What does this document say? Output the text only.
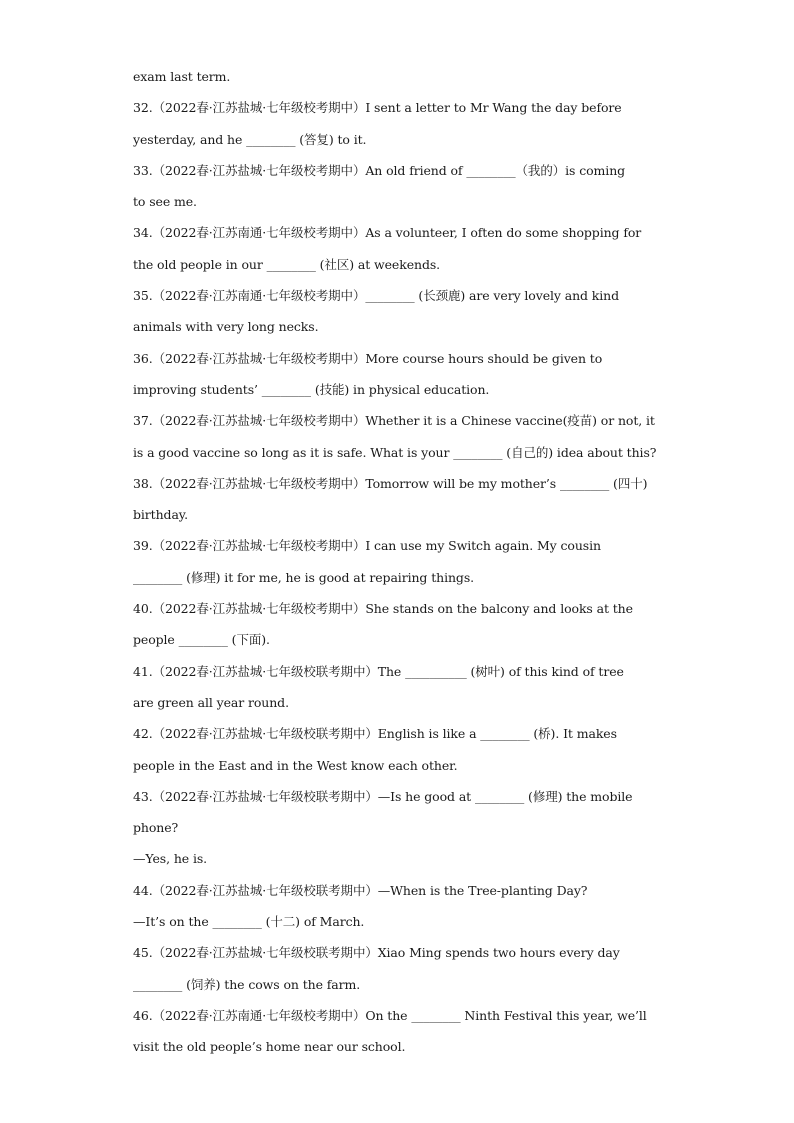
exam last term.
32.（2022春·江苏盐城·七年级校考期中）I sent a letter to Mr Wang the day before
yesterday, and he ________ (答复) to it.
33.（2022春·江苏盐城·七年级校考期中）An old friend of ________（我的）is coming
to see me.
34.（2022春·江苏南通·七年级校考期中）As a volunteer, I often do some shopping for
the old people in our ________ (社区) at weekends.
35.（2022春·江苏南通·七年级校考期中）________ (长颈鹿) are very lovely and kind
animals with very long necks.
36.（2022春·江苏盐城·七年级校考期中）More course hours should be given to
improving students’ ________ (技能) in physical education.
37.（2022春·江苏盐城·七年级校考期中）Whether it is a Chinese vaccine(疫苗) or not, it
is a good vaccine so long as it is safe. What is your ________ (自己的) idea about this?
38.（2022春·江苏盐城·七年级校考期中）Tomorrow will be my mother’s ________ (四十)
birthday.
39.（2022春·江苏盐城·七年级校考期中）I can use my Switch again. My cousin
________ (修理) it for me, he is good at repairing things.
40.（2022春·江苏盐城·七年级校考期中）She stands on the balcony and looks at the
people ________ (下面).
41.（2022春·江苏盐城·七年级校联考期中）The __________ (树叶) of this kind of tree
are green all year round.
42.（2022春·江苏盐城·七年级校联考期中）English is like a ________ (桥). It makes
people in the East and in the West know each other.
43.（2022春·江苏盐城·七年级校联考期中）—Is he good at ________ (修理) the mobile
phone?
—Yes, he is.
44.（2022春·江苏盐城·七年级校联考期中）—When is the Tree-planting Day?
—It’s on the ________ (十二) of March.
45.（2022春·江苏盐城·七年级校联考期中）Xiao Ming spends two hours every day
________ (饲养) the cows on the farm.
46.（2022春·江苏南通·七年级校考期中）On the ________ Ninth Festival this year, we’ll
visit the old people’s home near our school.
